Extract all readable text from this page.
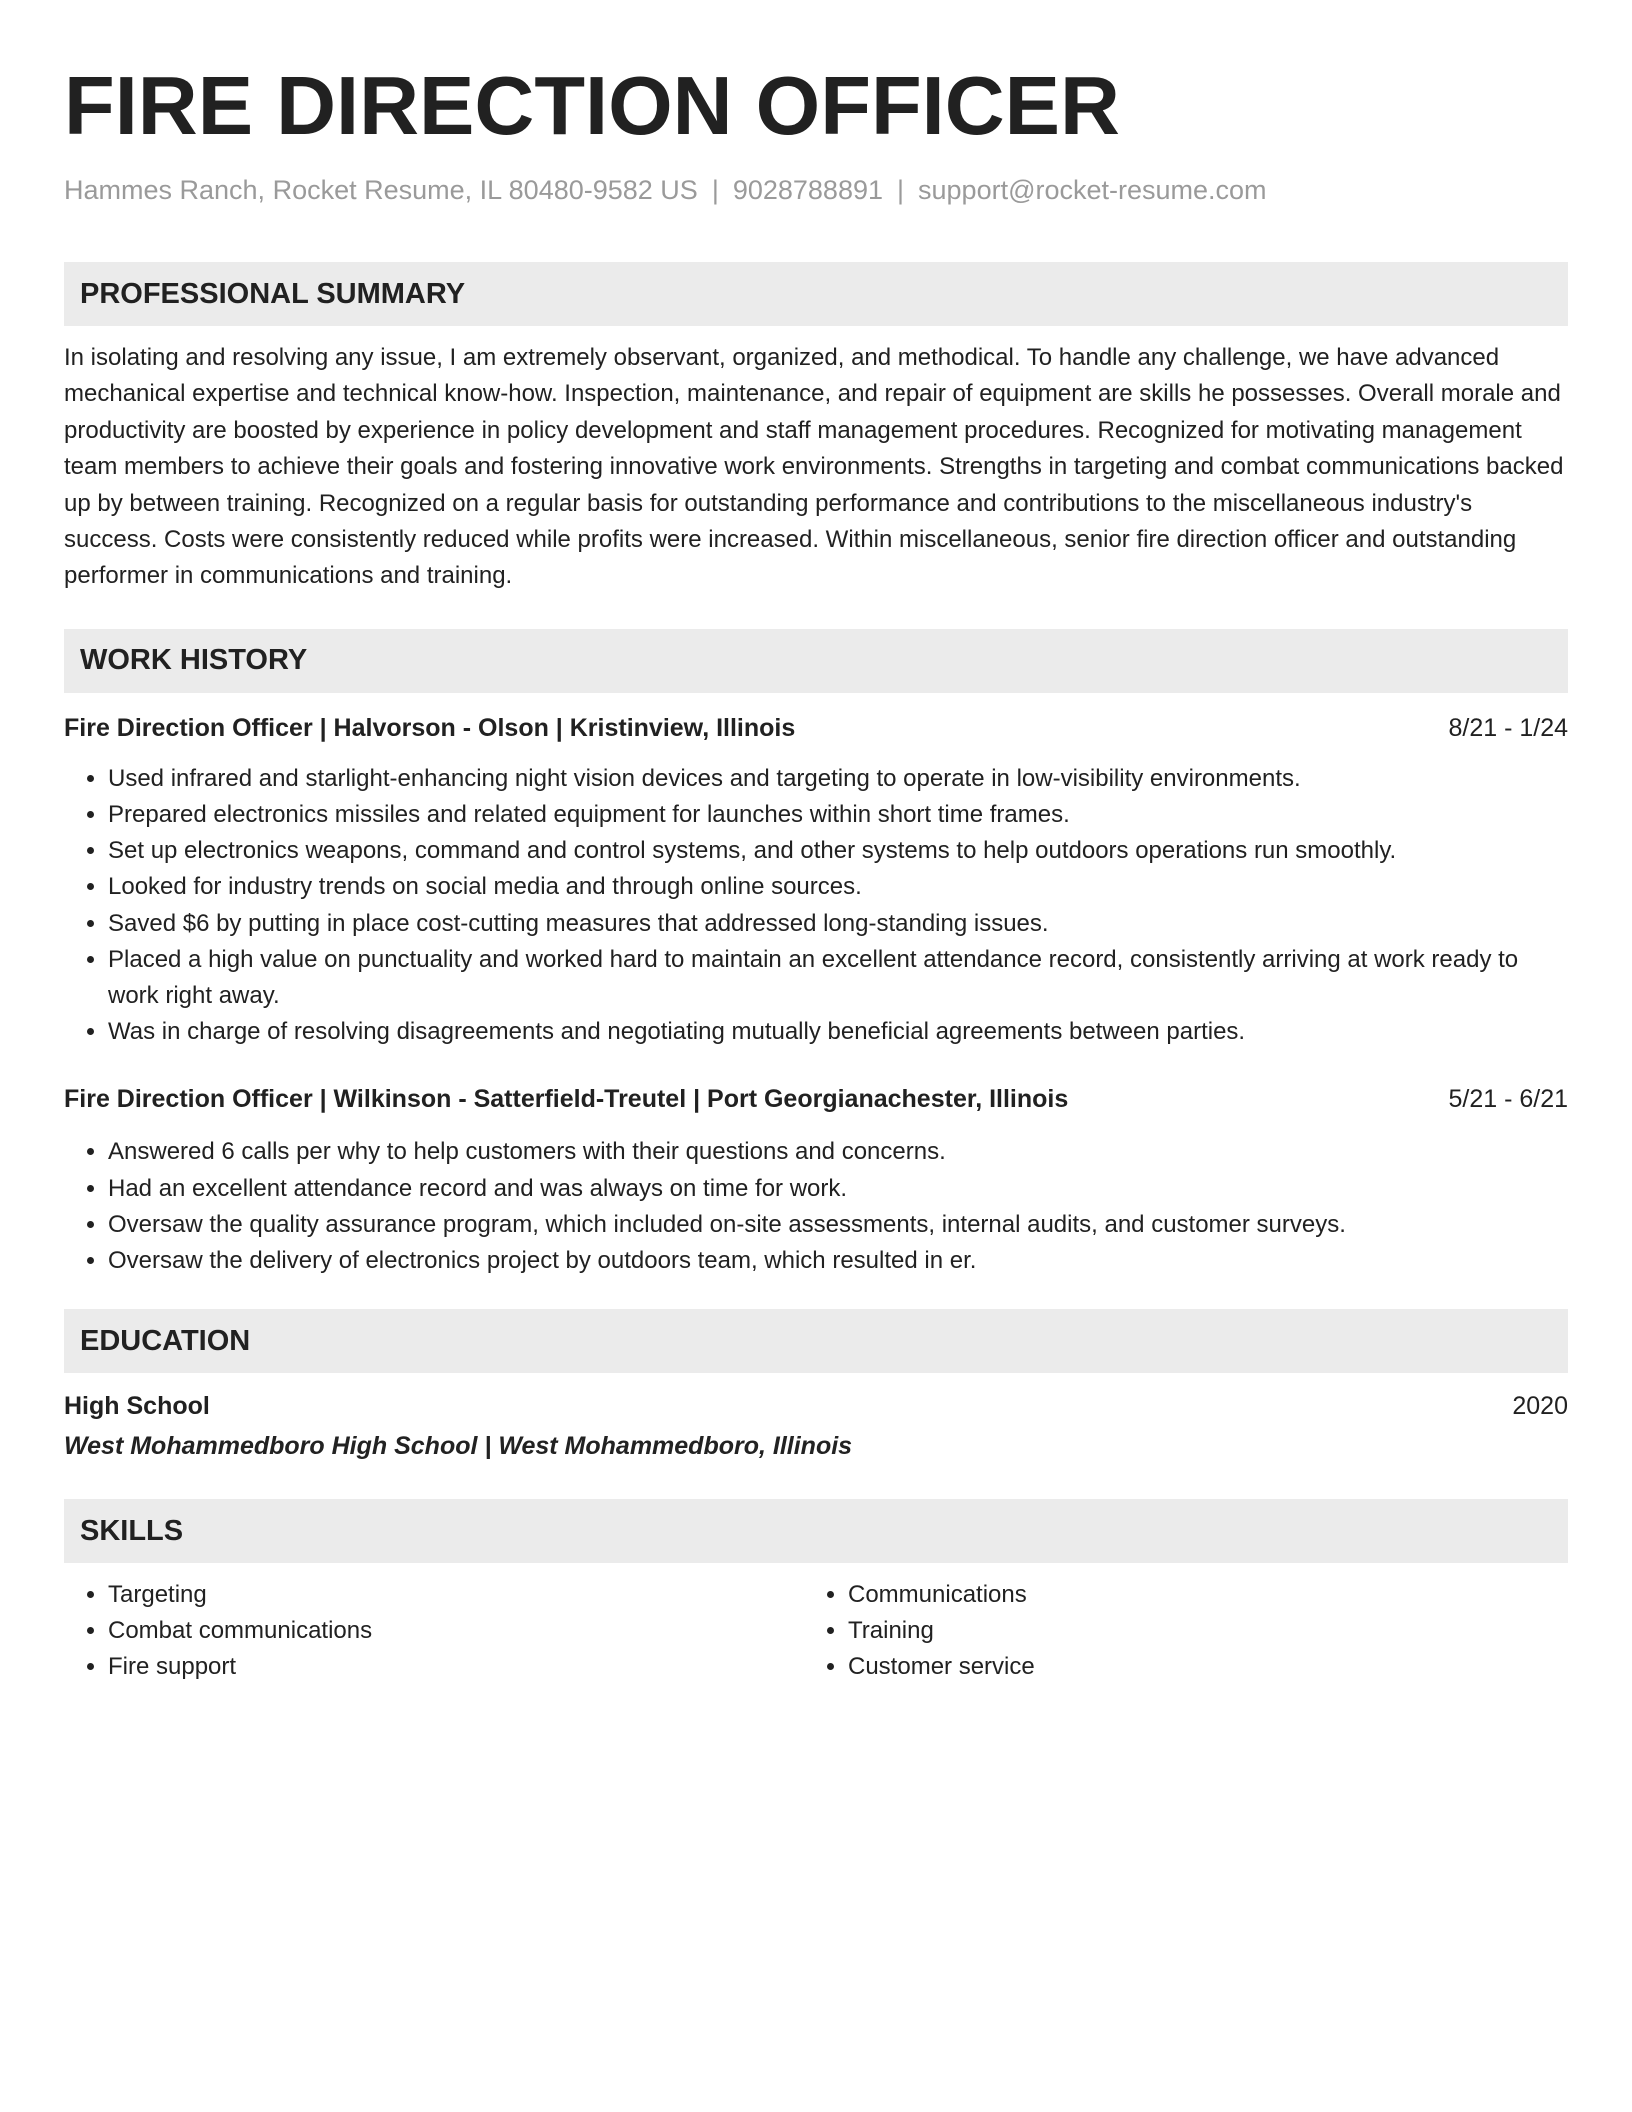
FIRE DIRECTION OFFICER
Hammes Ranch, Rocket Resume, IL 80480-9582 US | 9028788891 | support@rocket-resume.com
PROFESSIONAL SUMMARY

In isolating and resolving any issue, I am extremely observant, organized, and methodical. To handle any challenge, we have advanced mechanical expertise and technical know-how. Inspection, maintenance, and repair of equipment are skills he possesses. Overall morale and productivity are boosted by experience in policy development and staff management procedures. Recognized for motivating management team members to achieve their goals and fostering innovative work environments. Strengths in targeting and combat communications backed up by between training. Recognized on a regular basis for outstanding performance and contributions to the miscellaneous industry's success. Costs were consistently reduced while profits were increased. Within miscellaneous, senior fire direction officer and outstanding performer in communications and training.

WORK HISTORY
Fire Direction Officer | Halvorson - Olson | Kristinview, Illinois	8/21 - 1/24
• Used infrared and starlight-enhancing night vision devices and targeting to operate in low-visibility environments.
• Prepared electronics missiles and related equipment for launches within short time frames.
• Set up electronics weapons, command and control systems, and other systems to help outdoors operations run smoothly.
• Looked for industry trends on social media and through online sources.
• Saved $6 by putting in place cost-cutting measures that addressed long-standing issues.
• Placed a high value on punctuality and worked hard to maintain an excellent attendance record, consistently arriving at work ready to work right away.
• Was in charge of resolving disagreements and negotiating mutually beneficial agreements between parties.
Fire Direction Officer | Wilkinson - Satterfield-Treutel | Port Georgianachester, Illinois	5/21 - 6/21
• Answered 6 calls per why to help customers with their questions and concerns.
• Had an excellent attendance record and was always on time for work.
• Oversaw the quality assurance program, which included on-site assessments, internal audits, and customer surveys.
• Oversaw the delivery of electronics project by outdoors team, which resulted in er.
EDUCATION
High School	2020
West Mohammedboro High School | West Mohammedboro, Illinois
SKILLS
• Targeting
• Combat communications
• Fire support
• Communications
• Training
• Customer service
